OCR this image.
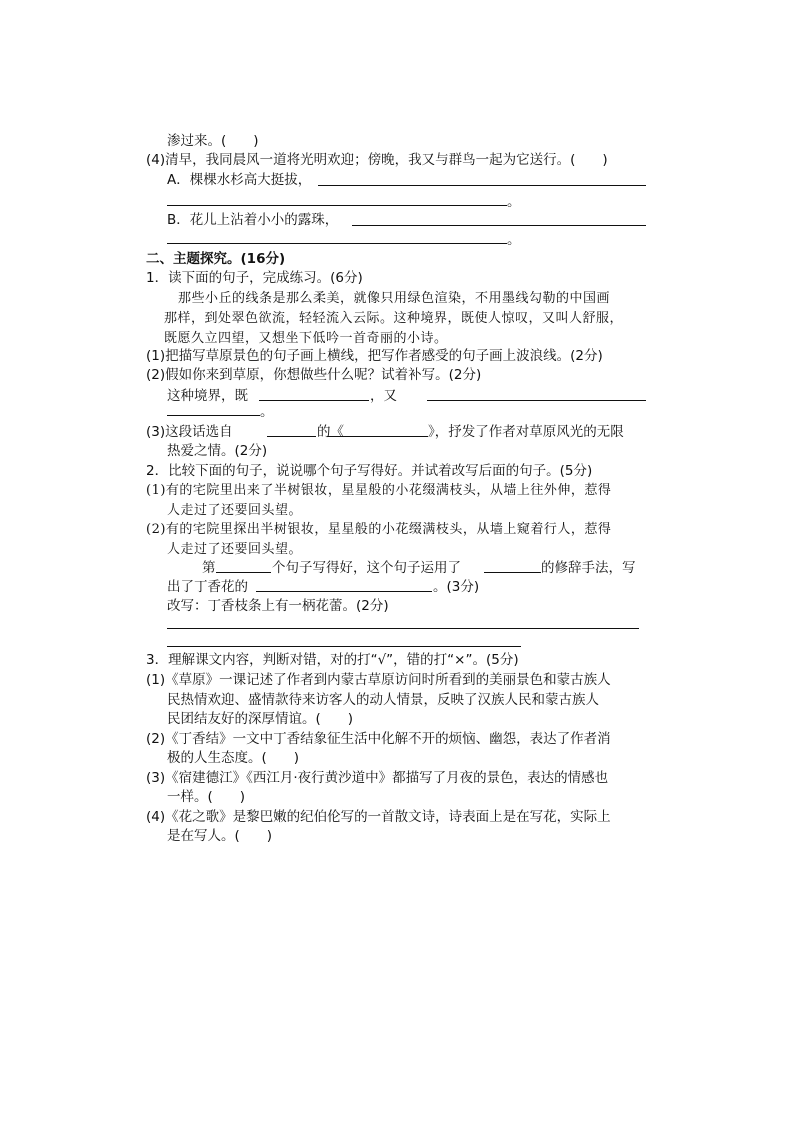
渗过来。(　　)
(4)清早，我同晨风一道将光明欢迎；傍晚，我又与群鸟一起为它送行。(　　)
A．棵棵水杉高大挺拔，
。
B．花儿上沾着小小的露珠，
。
二、主题探究。(16分)
1．读下面的句子，完成练习。(6分)
那些小丘的线条是那么柔美，就像只用绿色渲染，不用墨线勾勒的中国画
那样，到处翠色欲流，轻轻流入云际。这种境界，既使人惊叹，又叫人舒服，
既愿久立四望，又想坐下低吟一首奇丽的小诗。
(1)把描写草原景色的句子画上横线，把写作者感受的句子画上波浪线。(2分)
(2)假如你来到草原，你想做些什么呢？试着补写。(2分)
这种境界，既	，又
。
(3)这段话选自	的《	》，抒发了作者对草原风光的无限
热爱之情。(2分)
2．比较下面的句子，说说哪个句子写得好。并试着改写后面的句子。(5分)
(1)有的宅院里出来了半树银妆，星星般的小花缀满枝头，从墙上往外伸，惹得
人走过了还要回头望。
(2)有的宅院里探出半树银妆，星星般的小花缀满枝头，从墙上窥着行人，惹得
人走过了还要回头望。
第	个句子写得好，这个句子运用了	的修辞手法，写
出了丁香花的	。(3分)
改写：丁香枝条上有一柄花蕾。(2分)
3．理解课文内容，判断对错，对的打“√”，错的打“×”。(5分)
(1)《草原》一课记述了作者到内蒙古草原访问时所看到的美丽景色和蒙古族人
民热情欢迎、盛情款待来访客人的动人情景，反映了汉族人民和蒙古族人
民团结友好的深厚情谊。(　　)
(2)《丁香结》一文中丁香结象征生活中化解不开的烦恼、幽怨，表达了作者消
极的人生态度。(　　)
(3)《宿建德江》《西江月·夜行黄沙道中》都描写了月夜的景色，表达的情感也
一样。(　　)
(4)《花之歌》是黎巴嫩的纪伯伦写的一首散文诗，诗表面上是在写花，实际上
是在写人。(　　)
